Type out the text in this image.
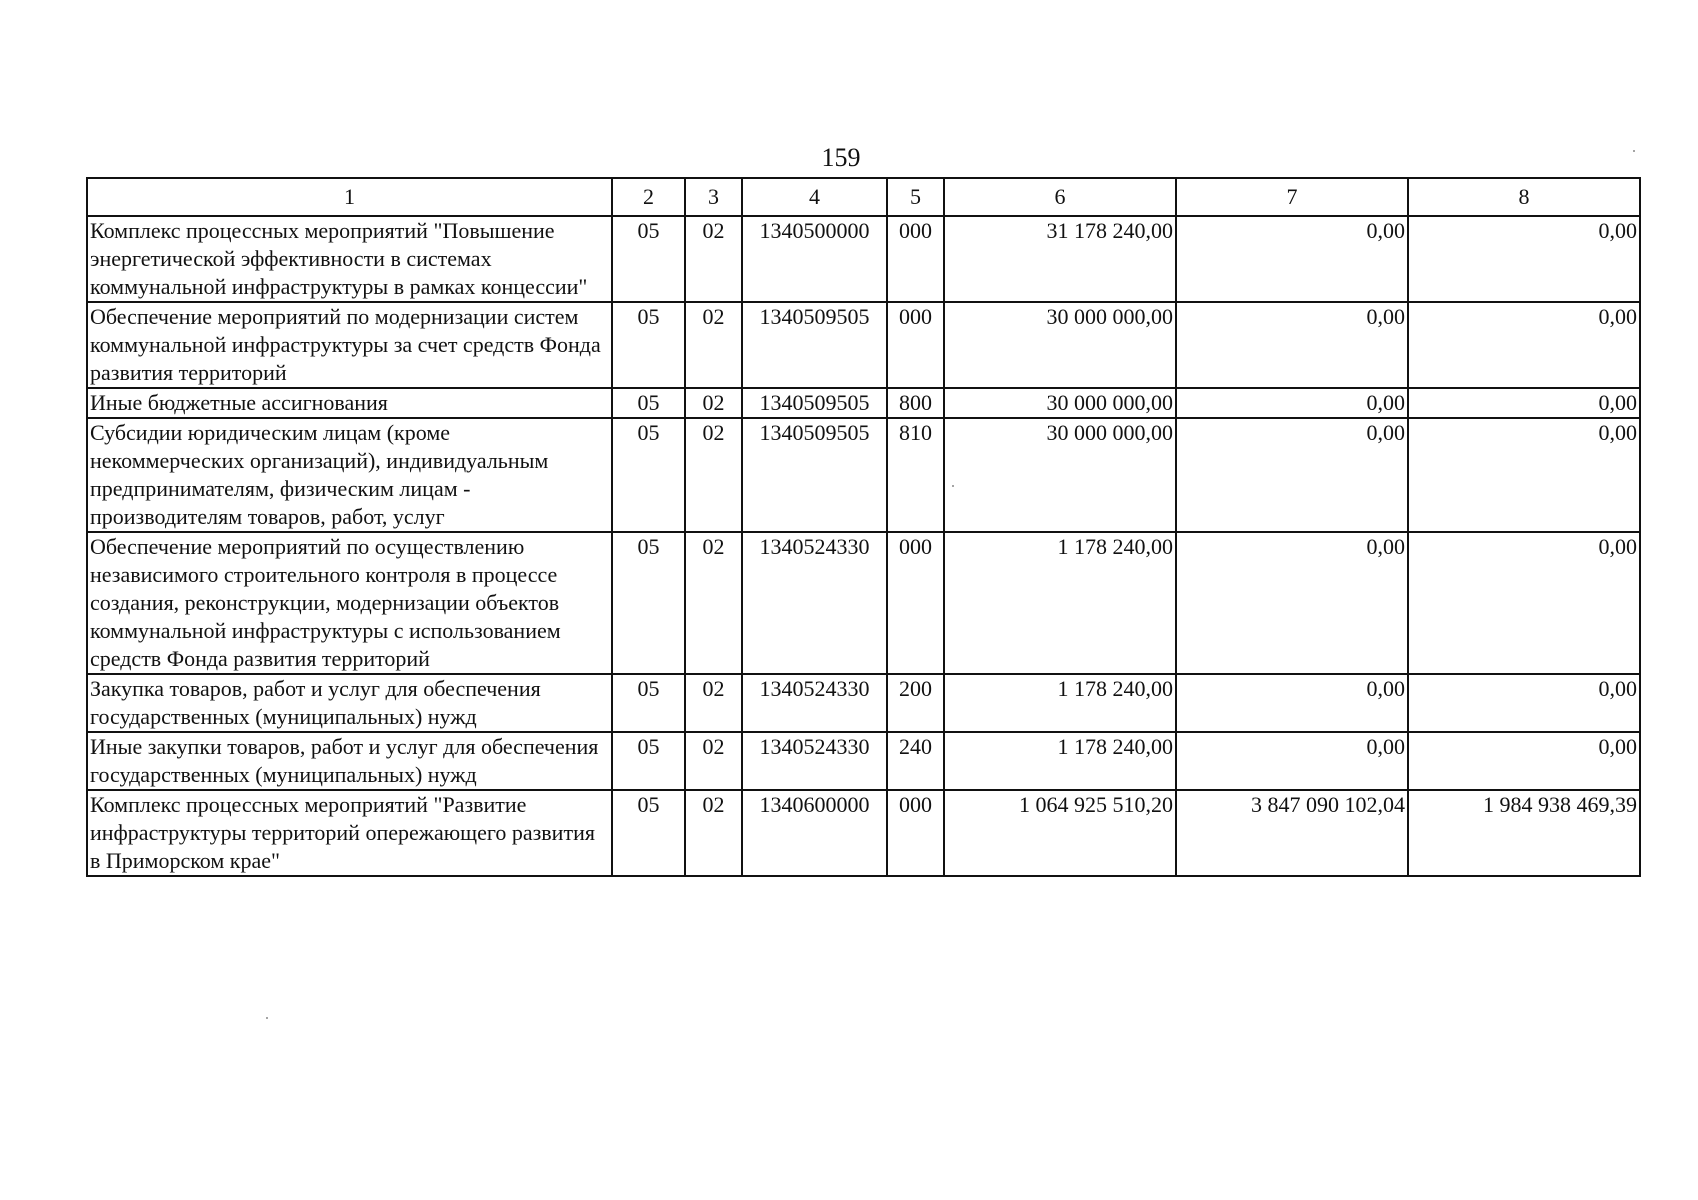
159
1	2	3	4	5	6	7	8
Комплекс процессных мероприятий "Повышение энергетической эффективности в системах коммунальной инфраструктуры в рамках концессии"	05	02	1340500000	000	31 178 240,00	0,00	0,00
Обеспечение мероприятий по модернизации систем коммунальной инфраструктуры за счет средств Фонда развития территорий	05	02	1340509505	000	30 000 000,00	0,00	0,00
Иные бюджетные ассигнования	05	02	1340509505	800	30 000 000,00	0,00	0,00
Субсидии юридическим лицам (кроме некоммерческих организаций), индивидуальным предпринимателям, физическим лицам - производителям товаров, работ, услуг	05	02	1340509505	810	30 000 000,00	0,00	0,00
Обеспечение мероприятий по осуществлению независимого строительного контроля в процессе создания, реконструкции, модернизации объектов коммунальной инфраструктуры с использованием средств Фонда развития территорий	05	02	1340524330	000	1 178 240,00	0,00	0,00
Закупка товаров, работ и услуг для обеспечения государственных (муниципальных) нужд	05	02	1340524330	200	1 178 240,00	0,00	0,00
Иные закупки товаров, работ и услуг для обеспечения государственных (муниципальных) нужд	05	02	1340524330	240	1 178 240,00	0,00	0,00
Комплекс процессных мероприятий "Развитие инфраструктуры территорий опережающего развития в Приморском крае"	05	02	1340600000	000	1 064 925 510,20	3 847 090 102,04	1 984 938 469,39
